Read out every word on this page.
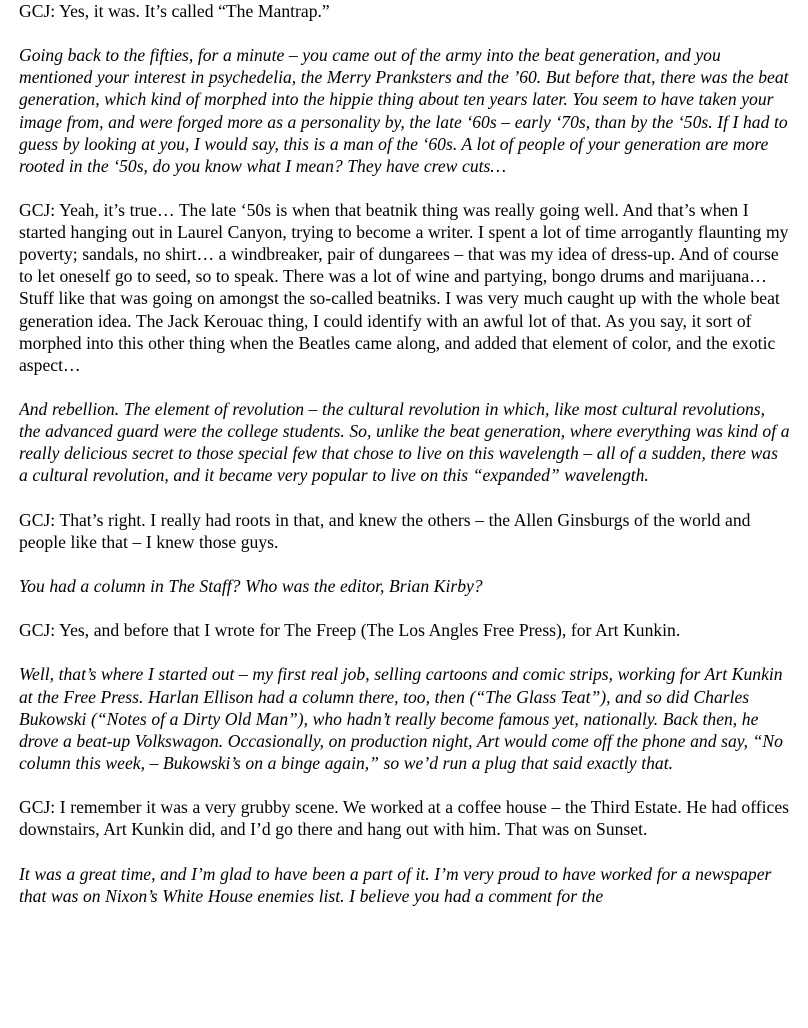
GCJ: Yes, it was. It’s called “The Mantrap.”

Going back to the fifties, for a minute – you came out of the army into the beat generation, and you mentioned your interest in psychedelia, the Merry Pranksters and the ’60. But before that, there was the beat generation, which kind of morphed into the hippie thing about ten years later. You seem to have taken your image from, and were forged more as a personality by, the late ‘60s – early ‘70s, than by the ‘50s. If I had to guess by looking at you, I would say, this is a man of the ‘60s. A lot of people of your generation are more rooted in the ‘50s, do you know what I mean? They have crew cuts…

GCJ: Yeah, it’s true… The late ‘50s is when that beatnik thing was really going well. And that’s when I started hanging out in Laurel Canyon, trying to become a writer. I spent a lot of time arrogantly flaunting my poverty; sandals, no shirt… a windbreaker, pair of dungarees – that was my idea of dress-up. And of course to let oneself go to seed, so to speak. There was a lot of wine and partying, bongo drums and marijuana… Stuff like that was going on amongst the so-called beatniks. I was very much caught up with the whole beat generation idea. The Jack Kerouac thing, I could identify with an awful lot of that. As you say, it sort of morphed into this other thing when the Beatles came along, and added that element of color, and the exotic aspect…

And rebellion. The element of revolution – the cultural revolution in which, like most cultural revolutions, the advanced guard were the college students. So, unlike the beat generation, where everything was kind of a really delicious secret to those special few that chose to live on this wavelength – all of a sudden, there was a cultural revolution, and it became very popular to live on this “expanded” wavelength.

GCJ: That’s right. I really had roots in that, and knew the others – the Allen Ginsburgs of the world and people like that – I knew those guys.

You had a column in The Staff? Who was the editor, Brian Kirby?

GCJ: Yes, and before that I wrote for The Freep (The Los Angles Free Press), for Art Kunkin.

Well, that’s where I started out – my first real job, selling cartoons and comic strips, working for Art Kunkin at the Free Press. Harlan Ellison had a column there, too, then (“The Glass Teat”), and so did Charles Bukowski (“Notes of a Dirty Old Man”), who hadn’t really become famous yet, nationally. Back then, he drove a beat-up Volkswagon. Occasionally, on production night, Art would come off the phone and say, “No column this week, – Bukowski’s on a binge again,” so we’d run a plug that said exactly that.

GCJ: I remember it was a very grubby scene. We worked at a coffee house – the Third Estate. He had offices downstairs, Art Kunkin did, and I’d go there and hang out with him. That was on Sunset.

It was a great time, and I’m glad to have been a part of it. I’m very proud to have worked for a newspaper that was on Nixon’s White House enemies list. I believe you had a comment for the
